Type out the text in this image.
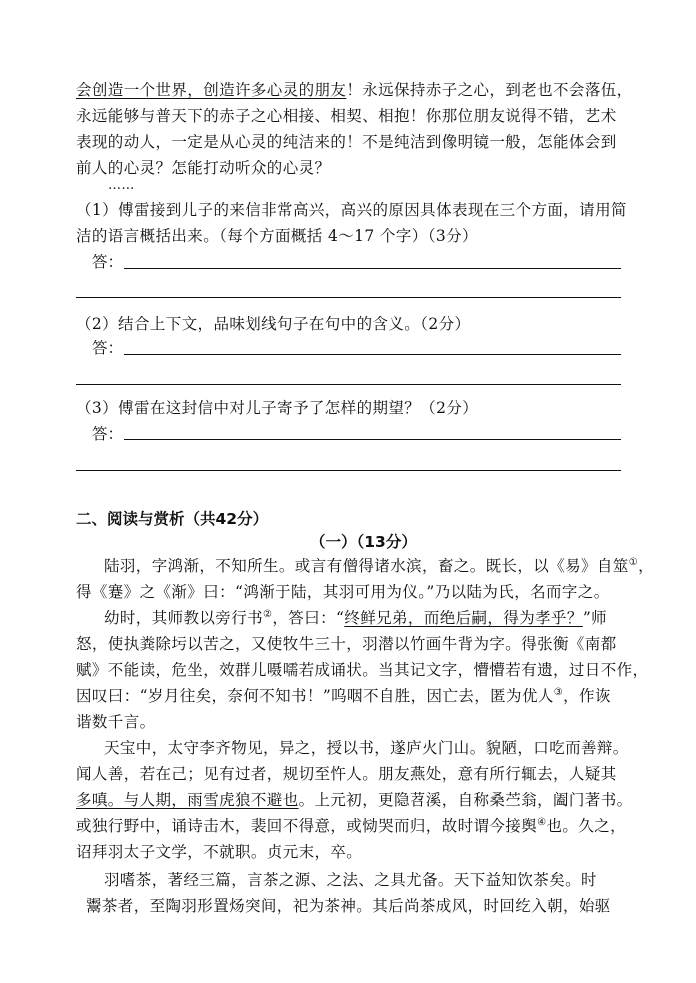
会创造一个世界，创造许多心灵的朋友！永远保持赤子之心，到老也不会落伍，
永远能够与普天下的赤子之心相接、相契、相抱！你那位朋友说得不错，艺术
表现的动人，一定是从心灵的纯洁来的！不是纯洁到像明镜一般，怎能体会到
前人的心灵？怎能打动听众的心灵？
……
（1）傅雷接到儿子的来信非常高兴，高兴的原因具体表现在三个方面，请用简
洁的语言概括出来。（每个方面概括 4～17 个字）（3分）
答：
（2）结合上下文，品味划线句子在句中的含义。（2分）
答：
（3）傅雷在这封信中对儿子寄予了怎样的期望？（2分）
答：
二、阅读与赏析（共42分）
（一）（13分）
陆羽，字鸿渐，不知所生。或言有僧得诸水滨，畜之。既长，以《易》自筮①，
得《蹇》之《渐》曰：“鸿渐于陆，其羽可用为仪。”乃以陆为氏，名而字之。
幼时，其师教以旁行书②，答曰：“终鲜兄弟，而绝后嗣，得为孝乎？”师
怒，使执粪除圬以苦之，又使牧牛三十，羽潜以竹画牛背为字。得张衡《南都
赋》不能读，危坐，效群儿嗫嚅若成诵状。当其记文字，懵懵若有遗，过日不作，
因叹曰：“岁月往矣，奈何不知书！”呜咽不自胜，因亡去，匿为优人③，作诙
谐数千言。
天宝中，太守李齐物见，异之，授以书，遂庐火门山。貌陋，口吃而善辩。
闻人善，若在己；见有过者，规切至忤人。朋友燕处，意有所行辄去，人疑其
多嗔。与人期，雨雪虎狼不避也。上元初，更隐苕溪，自称桑苎翁，阖门著书。
或独行野中，诵诗击木，裴回不得意，或恸哭而归，故时谓今接舆④也。久之，
诏拜羽太子文学，不就职。贞元末，卒。
羽嗜茶，著经三篇，言茶之源、之法、之具尤备。天下益知饮茶矣。时
鬻茶者，至陶羽形置炀突间，祀为茶神。其后尚茶成风，时回纥入朝，始驱
